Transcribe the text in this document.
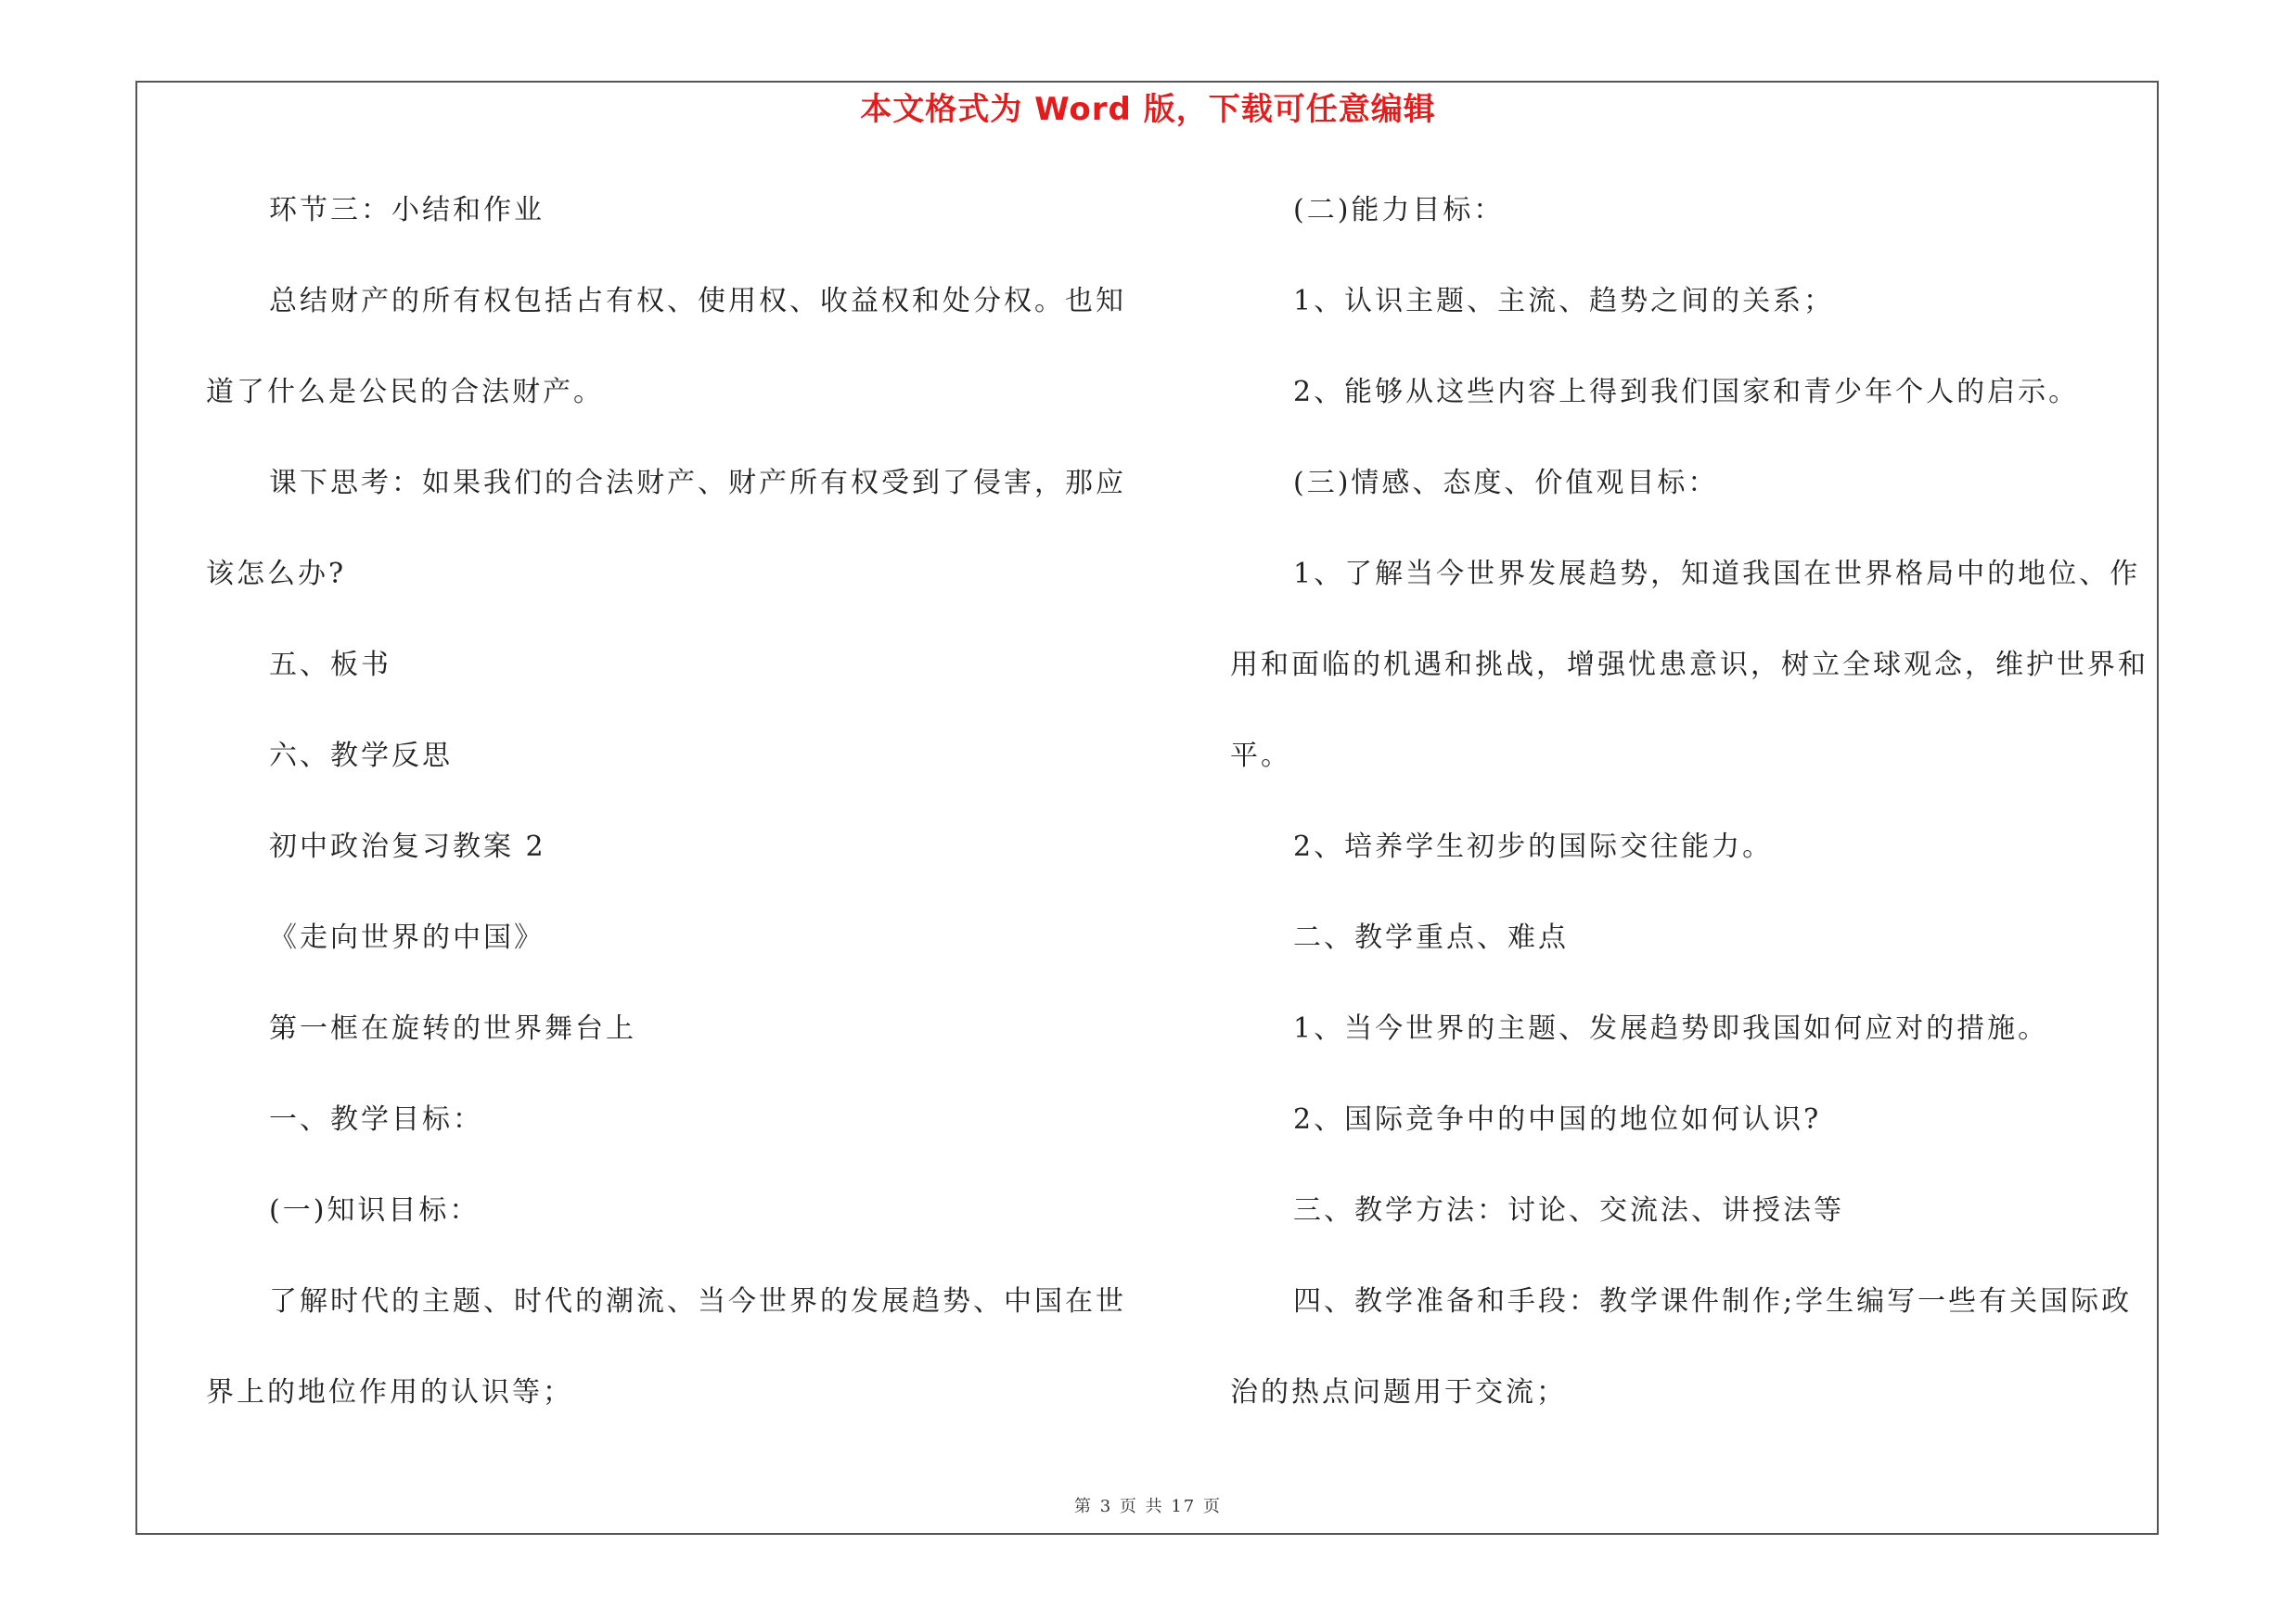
本文格式为 Word 版，下载可任意编辑
环节三：小结和作业
总结财产的所有权包括占有权、使用权、收益权和处分权。也知
道了什么是公民的合法财产。
课下思考：如果我们的合法财产、财产所有权受到了侵害，那应
该怎么办?
五、板书
六、教学反思
初中政治复习教案 2
《走向世界的中国》
第一框在旋转的世界舞台上
一、教学目标：
(一)知识目标：
了解时代的主题、时代的潮流、当今世界的发展趋势、中国在世
界上的地位作用的认识等；
(二)能力目标：
1、认识主题、主流、趋势之间的关系；
2、能够从这些内容上得到我们国家和青少年个人的启示。
(三)情感、态度、价值观目标：
1、了解当今世界发展趋势，知道我国在世界格局中的地位、作
用和面临的机遇和挑战，增强忧患意识，树立全球观念，维护世界和
平。
2、培养学生初步的国际交往能力。
二、教学重点、难点
1、当今世界的主题、发展趋势即我国如何应对的措施。
2、国际竞争中的中国的地位如何认识?
三、教学方法：讨论、交流法、讲授法等
四、教学准备和手段：教学课件制作;学生编写一些有关国际政
治的热点问题用于交流；
第 3 页 共 17 页
